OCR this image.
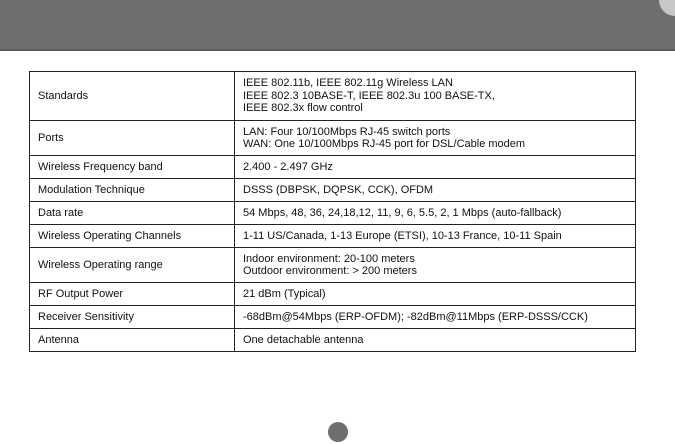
Standards	IEEE 802.11b, IEEE 802.11g Wireless LAN
IEEE 802.3 10BASE-T, IEEE 802.3u 100 BASE-TX,
IEEE 802.3x flow control

Ports	LAN: Four 10/100Mbps RJ-45 switch ports
WAN: One 10/100Mbps RJ-45 port for DSL/Cable modem

Wireless Frequency band	2.400 - 2.497 GHz

Modulation Technique	DSSS (DBPSK, DQPSK, CCK), OFDM

Data rate	54 Mbps, 48, 36, 24,18,12, 11, 9, 6, 5.5, 2, 1 Mbps (auto-fallback)

Wireless Operating Channels	1-11 US/Canada, 1-13 Europe (ETSI), 10-13 France, 10-11 Spain

Wireless Operating range	Indoor environment: 20-100 meters
Outdoor environment: > 200 meters

RF Output Power	21 dBm (Typical)

Receiver Sensitivity	-68dBm@54Mbps (ERP-OFDM); -82dBm@11Mbps (ERP-DSSS/CCK)

Antenna	One detachable antenna
